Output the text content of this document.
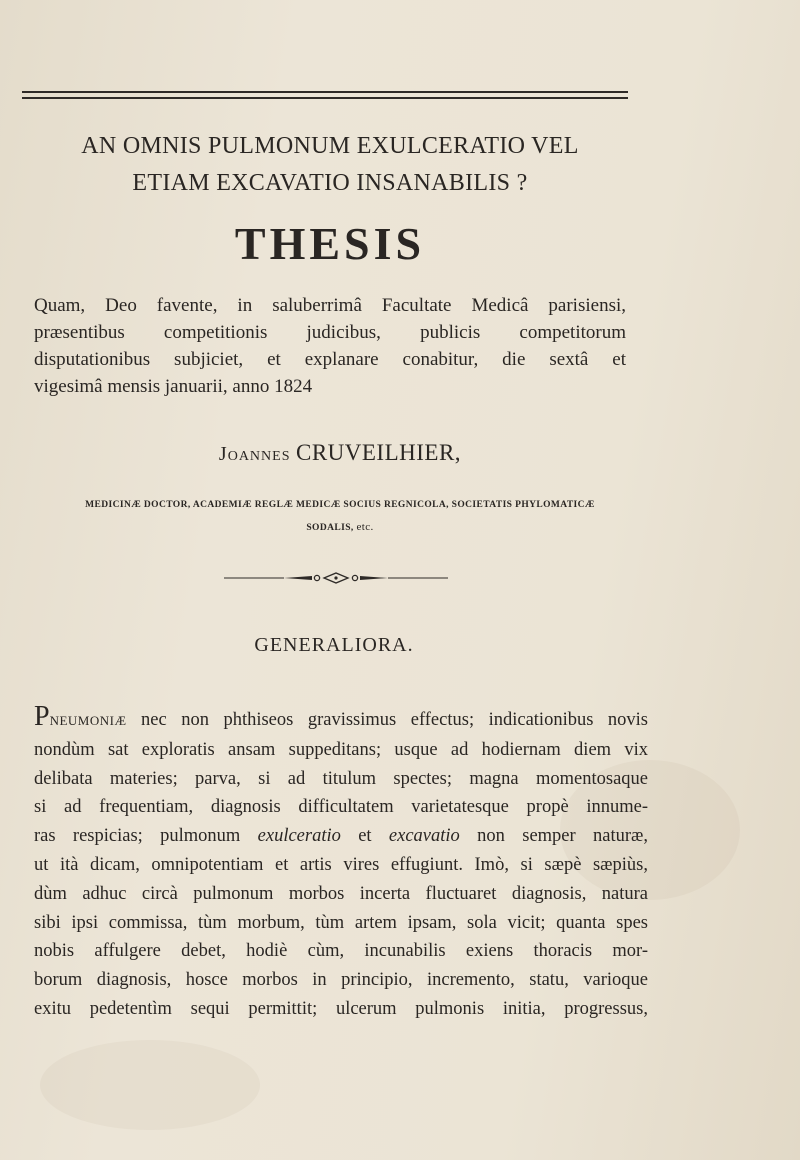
AN OMNIS PULMONUM EXULCERATIO VEL
ETIAM EXCAVATIO INSANABILIS ?
THESIS

Quam, Deo favente, in saluberrimâ Facultate Medicâ parisiensi,
præsentibus competitionis judicibus, publicis competitorum
disputationibus subjiciet, et explanare conabitur, die sextâ et
vigesimâ mensis januarii, anno 1824

Joannes CRUVEILHIER,
MEDICINÆ DOCTOR, ACADEMIÆ REGLÆ MEDICÆ SOCIUS REGNICOLA, SOCIETATIS PHYLOMATICÆ
SODALIS, etc.
GENERALIORA.

PNEUMONIÆ nec non phthiseos gravissimus effectus; indicationibus novis
nondùm sat exploratis ansam suppeditans; usque ad hodiernam diem vix
delibata materies; parva, si ad titulum spectes; magna momentosaque
si ad frequentiam, diagnosis difficultatem varietatesque propè innume-
ras respicias; pulmonum exulceratio et excavatio non semper naturæ,
ut ità dicam, omnipotentiam et artis vires effugiunt. Imò, si sæpè sæpiùs,
dùm adhuc circà pulmonum morbos incerta fluctuaret diagnosis, natura
sibi ipsi commissa, tùm morbum, tùm artem ipsam, sola vicit; quanta spes
nobis affulgere debet, hodiè cùm, incunabilis exiens thoracis mor-
borum diagnosis, hosce morbos in principio, incremento, statu, varioque
exitu pedetentìm sequi permittit; ulcerum pulmonis initia, progressus,
